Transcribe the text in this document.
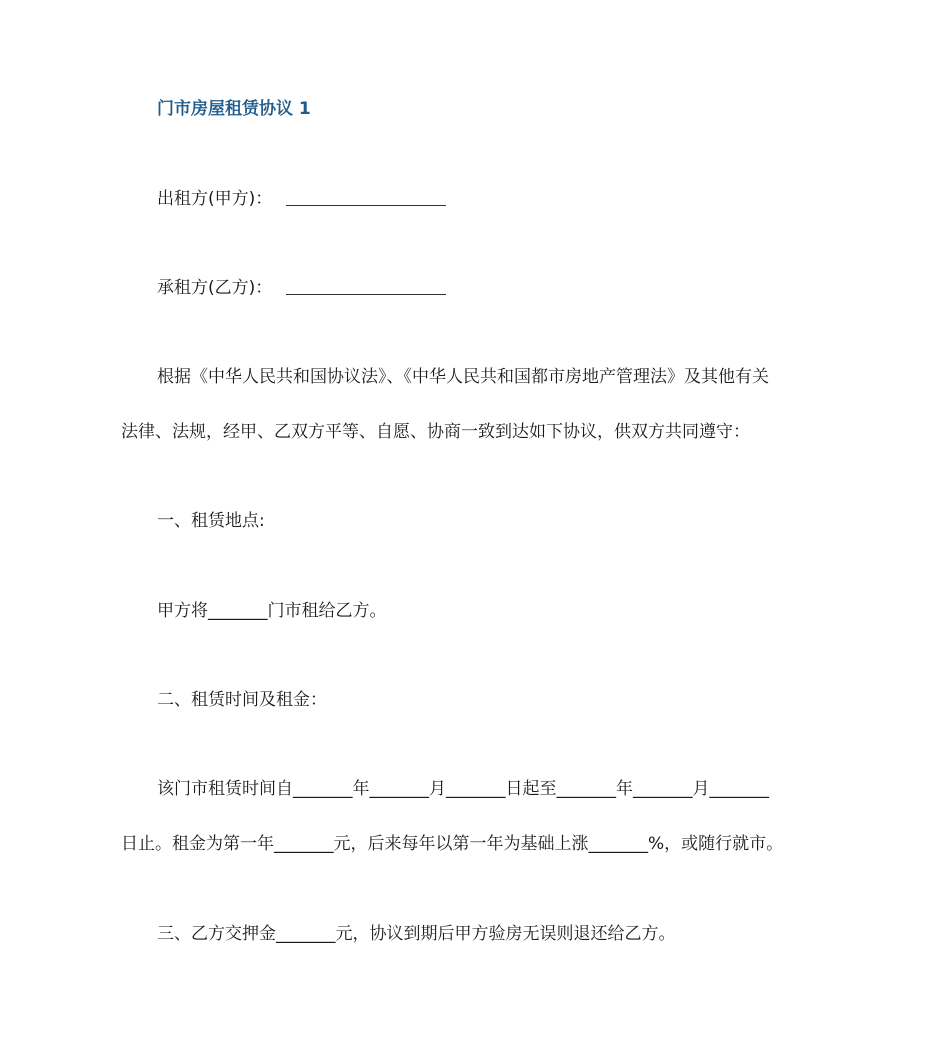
门市房屋租赁协议 1
出租方(甲方)：
承租方(乙方)：
根据《中华人民共和国协议法》、《中华人民共和国都市房地产管理法》及其他有关
法律、法规，经甲、乙双方平等、自愿、协商一致到达如下协议，供双方共同遵守：
一、租赁地点:
甲方将_______门市租给乙方。
二、租赁时间及租金：
该门市租赁时间自_______年_______月_______日起至_______年_______月_______
日止。租金为第一年_______元，后来每年以第一年为基础上涨_______%，或随行就市。
三、乙方交押金_______元，协议到期后甲方验房无误则退还给乙方。
